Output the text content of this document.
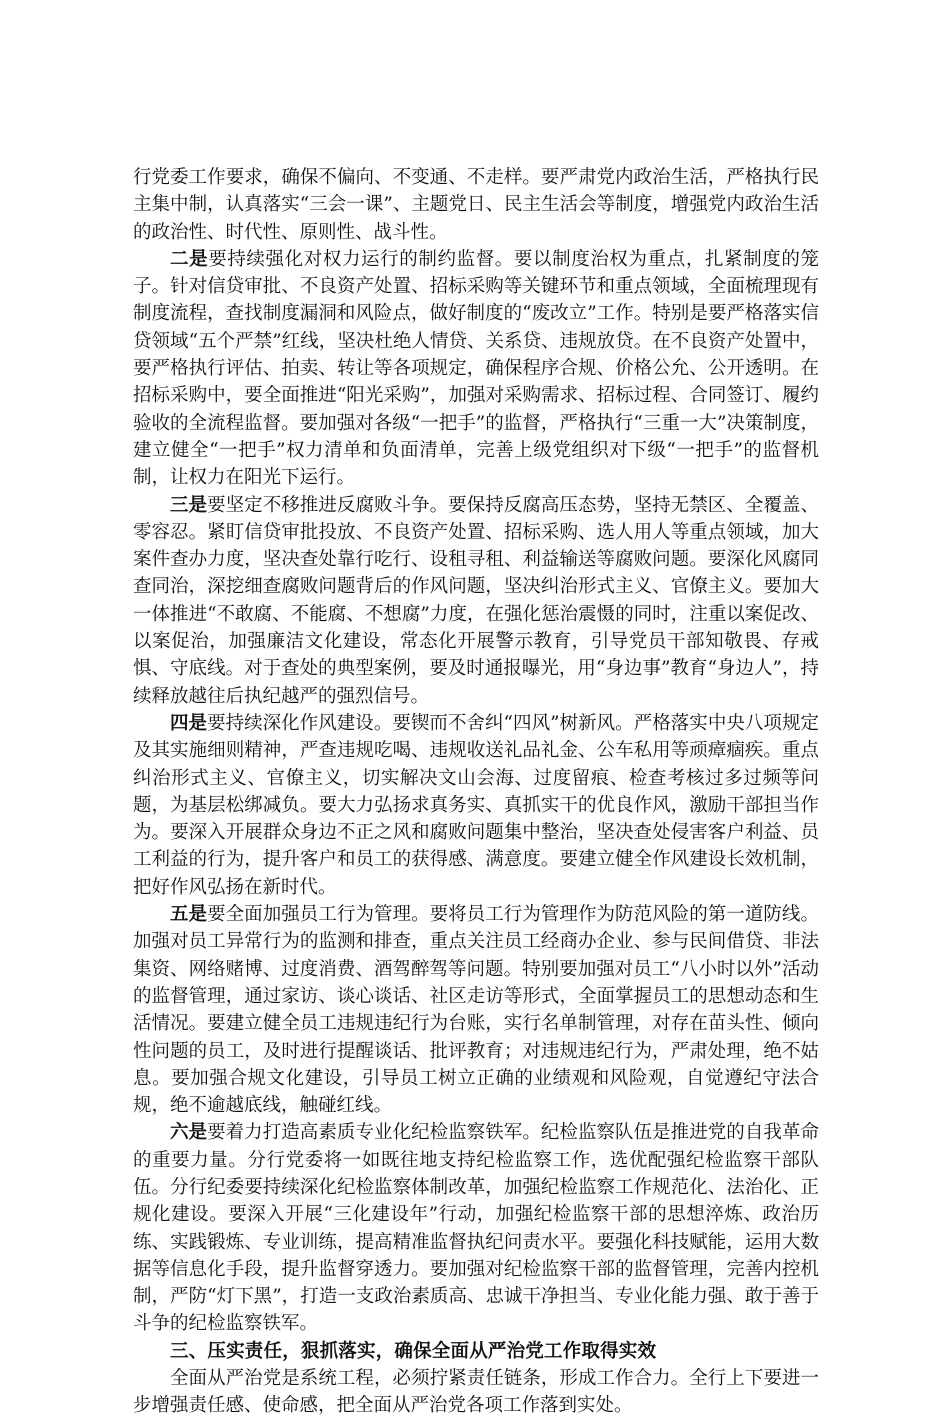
行党委工作要求，确保不偏向、不变通、不走样。要严肃党内政治生活，严格执行民主集中制，认真落实“三会一课”、主题党日、民主生活会等制度，增强党内政治生活的政治性、时代性、原则性、战斗性。

二是要持续强化对权力运行的制约监督。要以制度治权为重点，扎紧制度的笼子。针对信贷审批、不良资产处置、招标采购等关键环节和重点领域，全面梳理现有制度流程，查找制度漏洞和风险点，做好制度的“废改立”工作。特别是要严格落实信贷领域“五个严禁”红线，坚决杜绝人情贷、关系贷、违规放贷。在不良资产处置中，要严格执行评估、拍卖、转让等各项规定，确保程序合规、价格公允、公开透明。在招标采购中，要全面推进“阳光采购”，加强对采购需求、招标过程、合同签订、履约验收的全流程监督。要加强对各级“一把手”的监督，严格执行“三重一大”决策制度，建立健全“一把手”权力清单和负面清单，完善上级党组织对下级“一把手”的监督机制，让权力在阳光下运行。

三是要坚定不移推进反腐败斗争。要保持反腐高压态势，坚持无禁区、全覆盖、零容忍。紧盯信贷审批投放、不良资产处置、招标采购、选人用人等重点领域，加大案件查办力度，坚决查处靠行吃行、设租寻租、利益输送等腐败问题。要深化风腐同查同治，深挖细查腐败问题背后的作风问题，坚决纠治形式主义、官僚主义。要加大一体推进“不敢腐、不能腐、不想腐”力度，在强化惩治震慑的同时，注重以案促改、以案促治，加强廉洁文化建设，常态化开展警示教育，引导党员干部知敬畏、存戒惧、守底线。对于查处的典型案例，要及时通报曝光，用“身边事”教育“身边人”，持续释放越往后执纪越严的强烈信号。

四是要持续深化作风建设。要锲而不舍纠“四风”树新风。严格落实中央八项规定及其实施细则精神，严查违规吃喝、违规收送礼品礼金、公车私用等顽瘴痼疾。重点纠治形式主义、官僚主义，切实解决文山会海、过度留痕、检查考核过多过频等问题，为基层松绑减负。要大力弘扬求真务实、真抓实干的优良作风，激励干部担当作为。要深入开展群众身边不正之风和腐败问题集中整治，坚决查处侵害客户利益、员工利益的行为，提升客户和员工的获得感、满意度。要建立健全作风建设长效机制，把好作风弘扬在新时代。

五是要全面加强员工行为管理。要将员工行为管理作为防范风险的第一道防线。加强对员工异常行为的监测和排查，重点关注员工经商办企业、参与民间借贷、非法集资、网络赌博、过度消费、酒驾醉驾等问题。特别要加强对员工“八小时以外”活动的监督管理，通过家访、谈心谈话、社区走访等形式，全面掌握员工的思想动态和生活情况。要建立健全员工违规违纪行为台账，实行名单制管理，对存在苗头性、倾向性问题的员工，及时进行提醒谈话、批评教育；对违规违纪行为，严肃处理，绝不姑息。要加强合规文化建设，引导员工树立正确的业绩观和风险观，自觉遵纪守法合规，绝不逾越底线，触碰红线。

六是要着力打造高素质专业化纪检监察铁军。纪检监察队伍是推进党的自我革命的重要力量。分行党委将一如既往地支持纪检监察工作，选优配强纪检监察干部队伍。分行纪委要持续深化纪检监察体制改革，加强纪检监察工作规范化、法治化、正规化建设。要深入开展“三化建设年”行动，加强纪检监察干部的思想淬炼、政治历练、实践锻炼、专业训练，提高精准监督执纪问责水平。要强化科技赋能，运用大数据等信息化手段，提升监督穿透力。要加强对纪检监察干部的监督管理，完善内控机制，严防“灯下黑”，打造一支政治素质高、忠诚干净担当、专业化能力强、敢于善于斗争的纪检监察铁军。

三、压实责任，狠抓落实，确保全面从严治党工作取得实效

全面从严治党是系统工程，必须拧紧责任链条，形成工作合力。全行上下要进一步增强责任感、使命感，把全面从严治党各项工作落到实处。
